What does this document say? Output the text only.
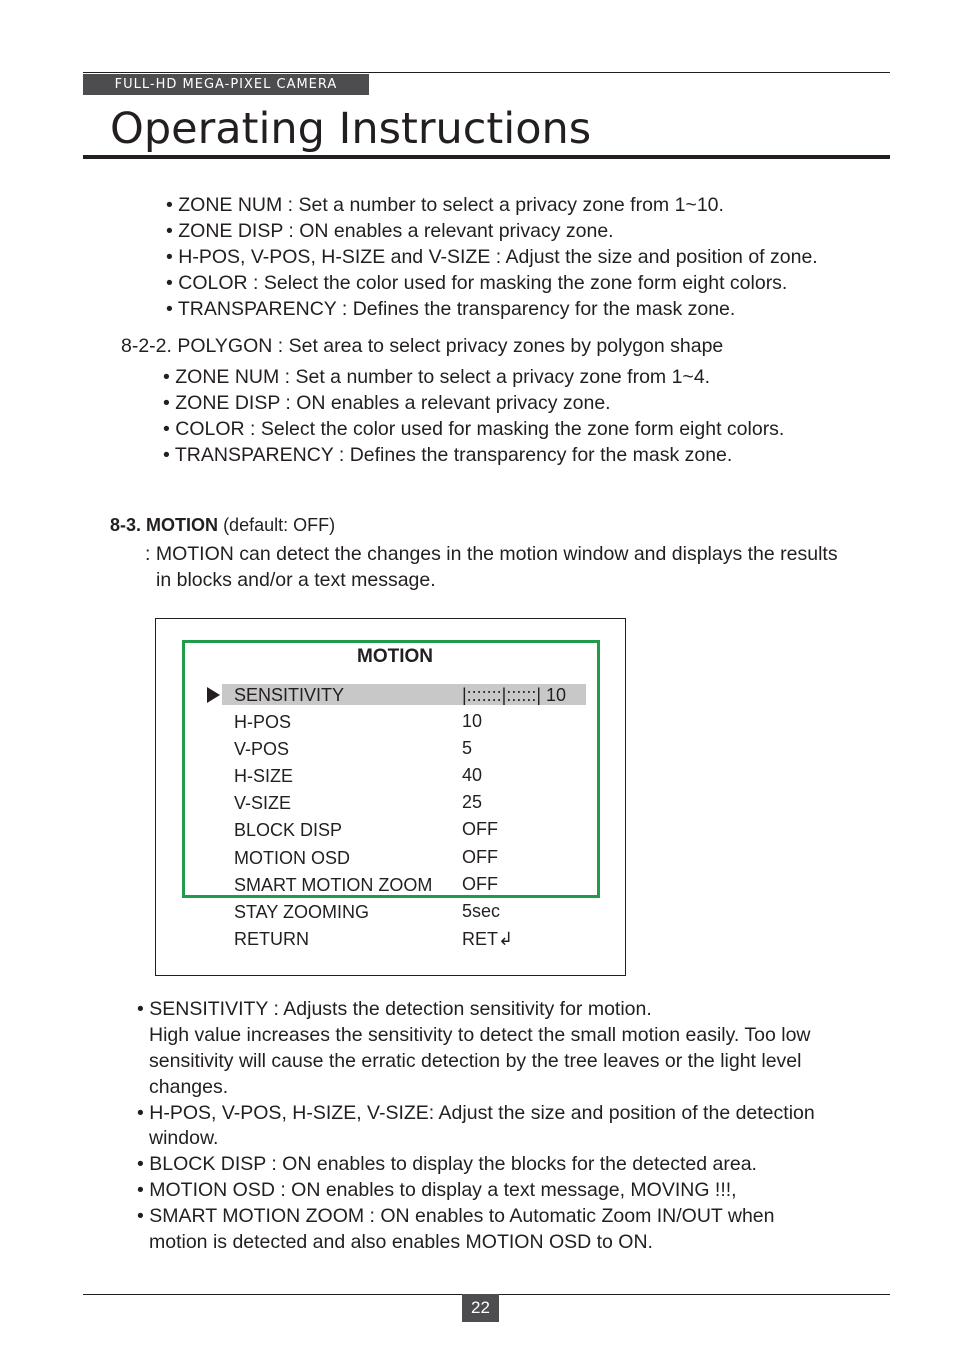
FULL-HD MEGA-PIXEL CAMERA
Operating Instructions
• ZONE NUM : Set a number to select a privacy zone from 1~10.
• ZONE DISP : ON enables a relevant privacy zone.
• H-POS, V-POS, H-SIZE and V-SIZE : Adjust the size and position of zone.
• COLOR : Select the color used for masking the zone form eight colors.
• TRANSPARENCY : Defines the transparency for the mask zone.
8-2-2. POLYGON : Set area to select privacy zones by polygon shape
• ZONE NUM : Set a number to select a privacy zone from 1~4.
• ZONE DISP : ON enables a relevant privacy zone.
• COLOR : Select the color used for masking the zone form eight colors.
• TRANSPARENCY : Defines the transparency for the mask zone.
8-3. MOTION (default: OFF)
: MOTION can detect the changes in the motion window and displays the results
in blocks and/or a text message.
MOTION
SENSITIVITY	|:::::::|::::::| 10
H-POS	10
V-POS	5
H-SIZE	40
V-SIZE	25
BLOCK DISP	OFF
MOTION OSD	OFF
SMART MOTION ZOOM OFF
STAY ZOOMING	5sec
RETURN	RET↲
• SENSITIVITY : Adjusts the detection sensitivity for motion.
High value increases the sensitivity to detect the small motion easily. Too low
sensitivity will cause the erratic detection by the tree leaves or the light level
changes.
• H-POS, V-POS, H-SIZE, V-SIZE: Adjust the size and position of the detection
window.
• BLOCK DISP : ON enables to display the blocks for the detected area.
• MOTION OSD : ON enables to display a text message, MOVING !!!,
• SMART MOTION ZOOM : ON enables to Automatic Zoom IN/OUT when
motion is detected and also enables MOTION OSD to ON.
22
